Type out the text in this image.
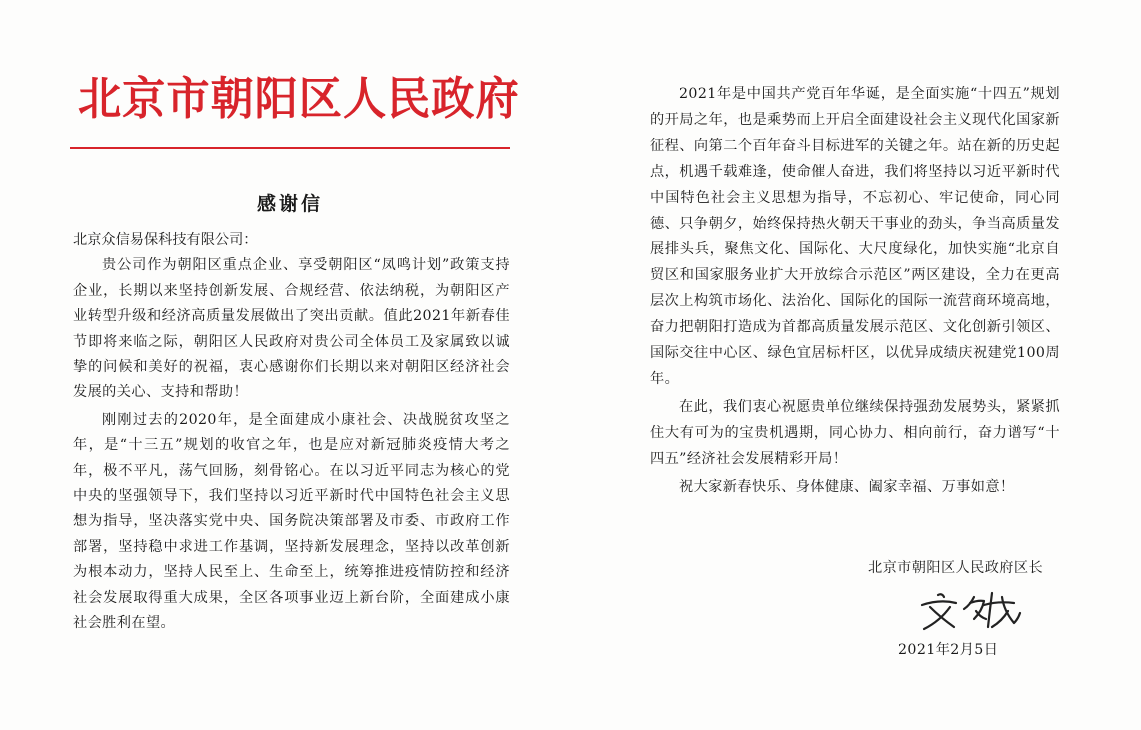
北京市朝阳区人民政府
感谢信
北京众信易保科技有限公司：

贵公司作为朝阳区重点企业、享受朝阳区“凤鸣计划”政策支持企业，长期以来坚持创新发展、合规经营、依法纳税，为朝阳区产业转型升级和经济高质量发展做出了突出贡献。值此2021年新春佳节即将来临之际，朝阳区人民政府对贵公司全体员工及家属致以诚挚的问候和美好的祝福，衷心感谢你们长期以来对朝阳区经济社会发展的关心、支持和帮助！

刚刚过去的2020年，是全面建成小康社会、决战脱贫攻坚之年，是“十三五”规划的收官之年，也是应对新冠肺炎疫情大考之年，极不平凡，荡气回肠，刻骨铭心。在以习近平同志为核心的党中央的坚强领导下，我们坚持以习近平新时代中国特色社会主义思想为指导，坚决落实党中央、国务院决策部署及市委、市政府工作部署，坚持稳中求进工作基调，坚持新发展理念，坚持以改革创新为根本动力，坚持人民至上、生命至上，统筹推进疫情防控和经济社会发展取得重大成果，全区各项事业迈上新台阶，全面建成小康社会胜利在望。

2021年是中国共产党百年华诞，是全面实施“十四五”规划的开局之年，也是乘势而上开启全面建设社会主义现代化国家新征程、向第二个百年奋斗目标进军的关键之年。站在新的历史起点，机遇千载难逢，使命催人奋进，我们将坚持以习近平新时代中国特色社会主义思想为指导，不忘初心、牢记使命，同心同德、只争朝夕，始终保持热火朝天干事业的劲头，争当高质量发展排头兵，聚焦文化、国际化、大尺度绿化，加快实施“北京自贸区和国家服务业扩大开放综合示范区”两区建设，全力在更高层次上构筑市场化、法治化、国际化的国际一流营商环境高地，奋力把朝阳打造成为首都高质量发展示范区、文化创新引领区、国际交往中心区、绿色宜居标杆区，以优异成绩庆祝建党100周年。

在此，我们衷心祝愿贵单位继续保持强劲发展势头，紧紧抓住大有可为的宝贵机遇期，同心协力、相向前行，奋力谱写“十四五”经济社会发展精彩开局！

祝大家新春快乐、身体健康、阖家幸福、万事如意！

北京市朝阳区人民政府区长
2021年2月5日
